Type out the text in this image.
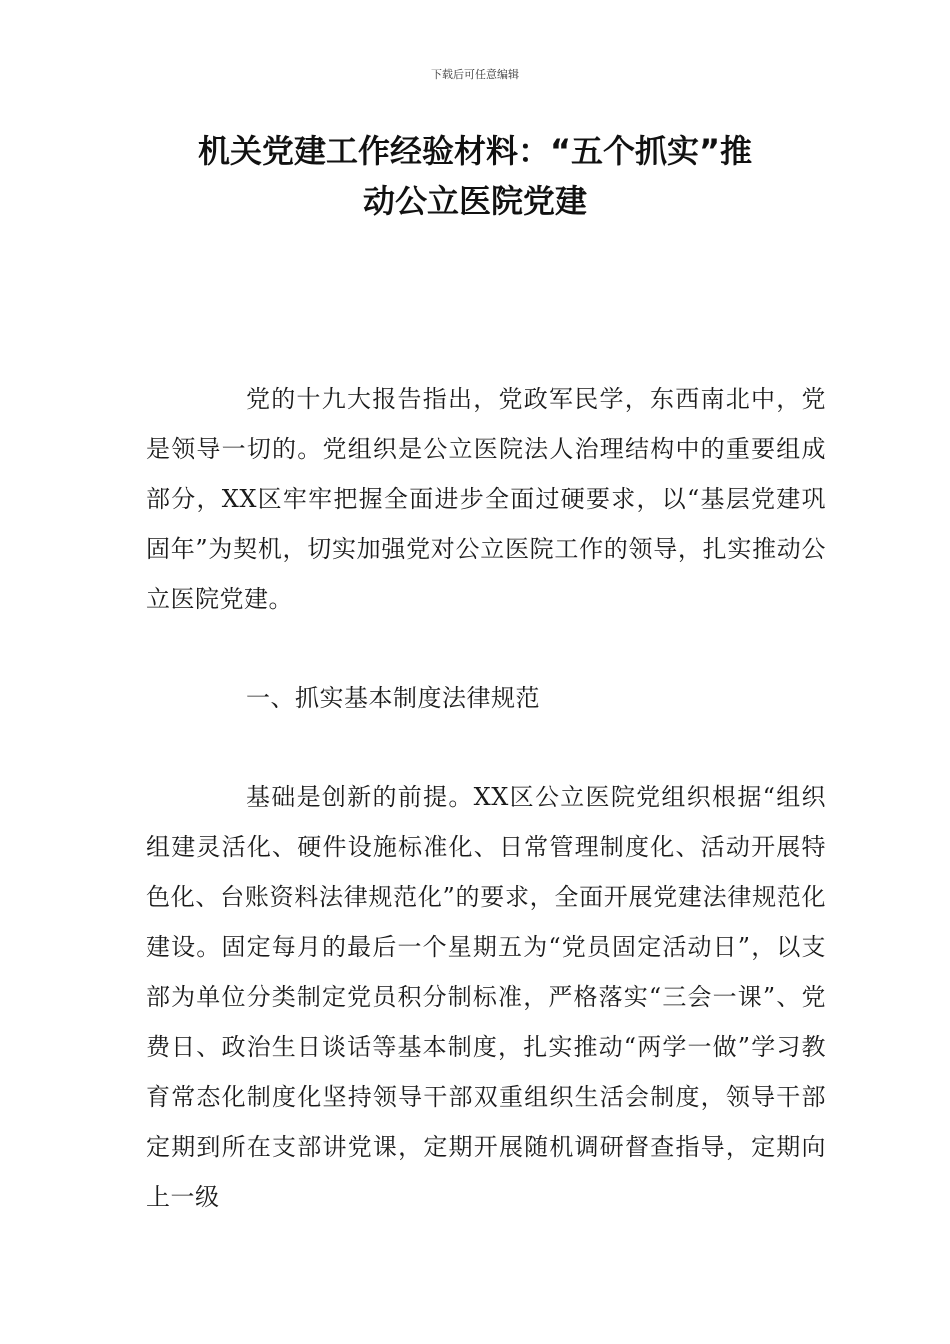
下载后可任意编辑
机关党建工作经验材料：“五个抓实”推
动公立医院党建

党的十九大报告指出，党政军民学，东西南北中，党是领导一切的。党组织是公立医院法人治理结构中的重要组成部分，XX区牢牢把握全面进步全面过硬要求，以“基层党建巩固年”为契机，切实加强党对公立医院工作的领导，扎实推动公立医院党建。

一、抓实基本制度法律规范

基础是创新的前提。XX区公立医院党组织根据“组织组建灵活化、硬件设施标准化、日常管理制度化、活动开展特色化、台账资料法律规范化”的要求，全面开展党建法律规范化建设。固定每月的最后一个星期五为“党员固定活动日”，以支部为单位分类制定党员积分制标准，严格落实“三会一课”、党费日、政治生日谈话等基本制度，扎实推动“两学一做”学习教育常态化制度化坚持领导干部双重组织生活会制度，领导干部定期到所在支部讲党课，定期开展随机调研督查指导，定期向上一级
